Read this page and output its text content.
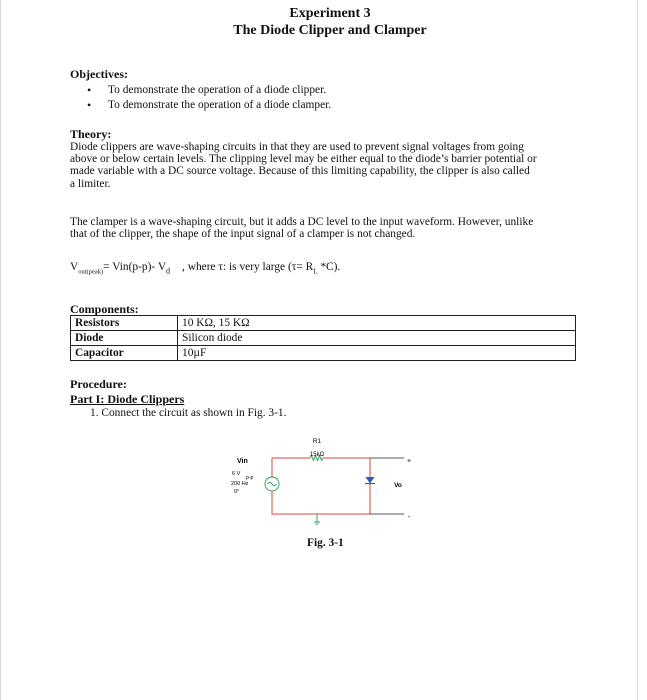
Experiment 3
The Diode Clipper and Clamper
Objectives:
• To demonstrate the operation of a diode clipper.
• To demonstrate the operation of a diode clamper.
Theory:
Diode clippers are wave-shaping circuits in that they are used to prevent signal voltages from going
above or below certain levels. The clipping level may be either equal to the diode’s barrier potential or
made variable with a DC source voltage. Because of this limiting capability, the clipper is also called
a limiter.
The clamper is a wave-shaping circuit, but it adds a DC level to the input waveform. However, unlike
that of the clipper, the shape of the input signal of a clamper is not changed.
$V_{out(peak)}= Vin(p-p)-$ $V_d$ , where τ: is very large ($\tau= R_L$ *C).
Components:
Resistors	10 KΩ, 15 KΩ
Diode	Silicon diode
Capacitor	10µF
Procedure:
Part I: Diode Clippers
1. Connect the circuit as shown in Fig. 3-1.
R1
15kΩ
Vin
6 V
p-p
200 Hz
0°
+
-
Vo
Fig. 3-1
